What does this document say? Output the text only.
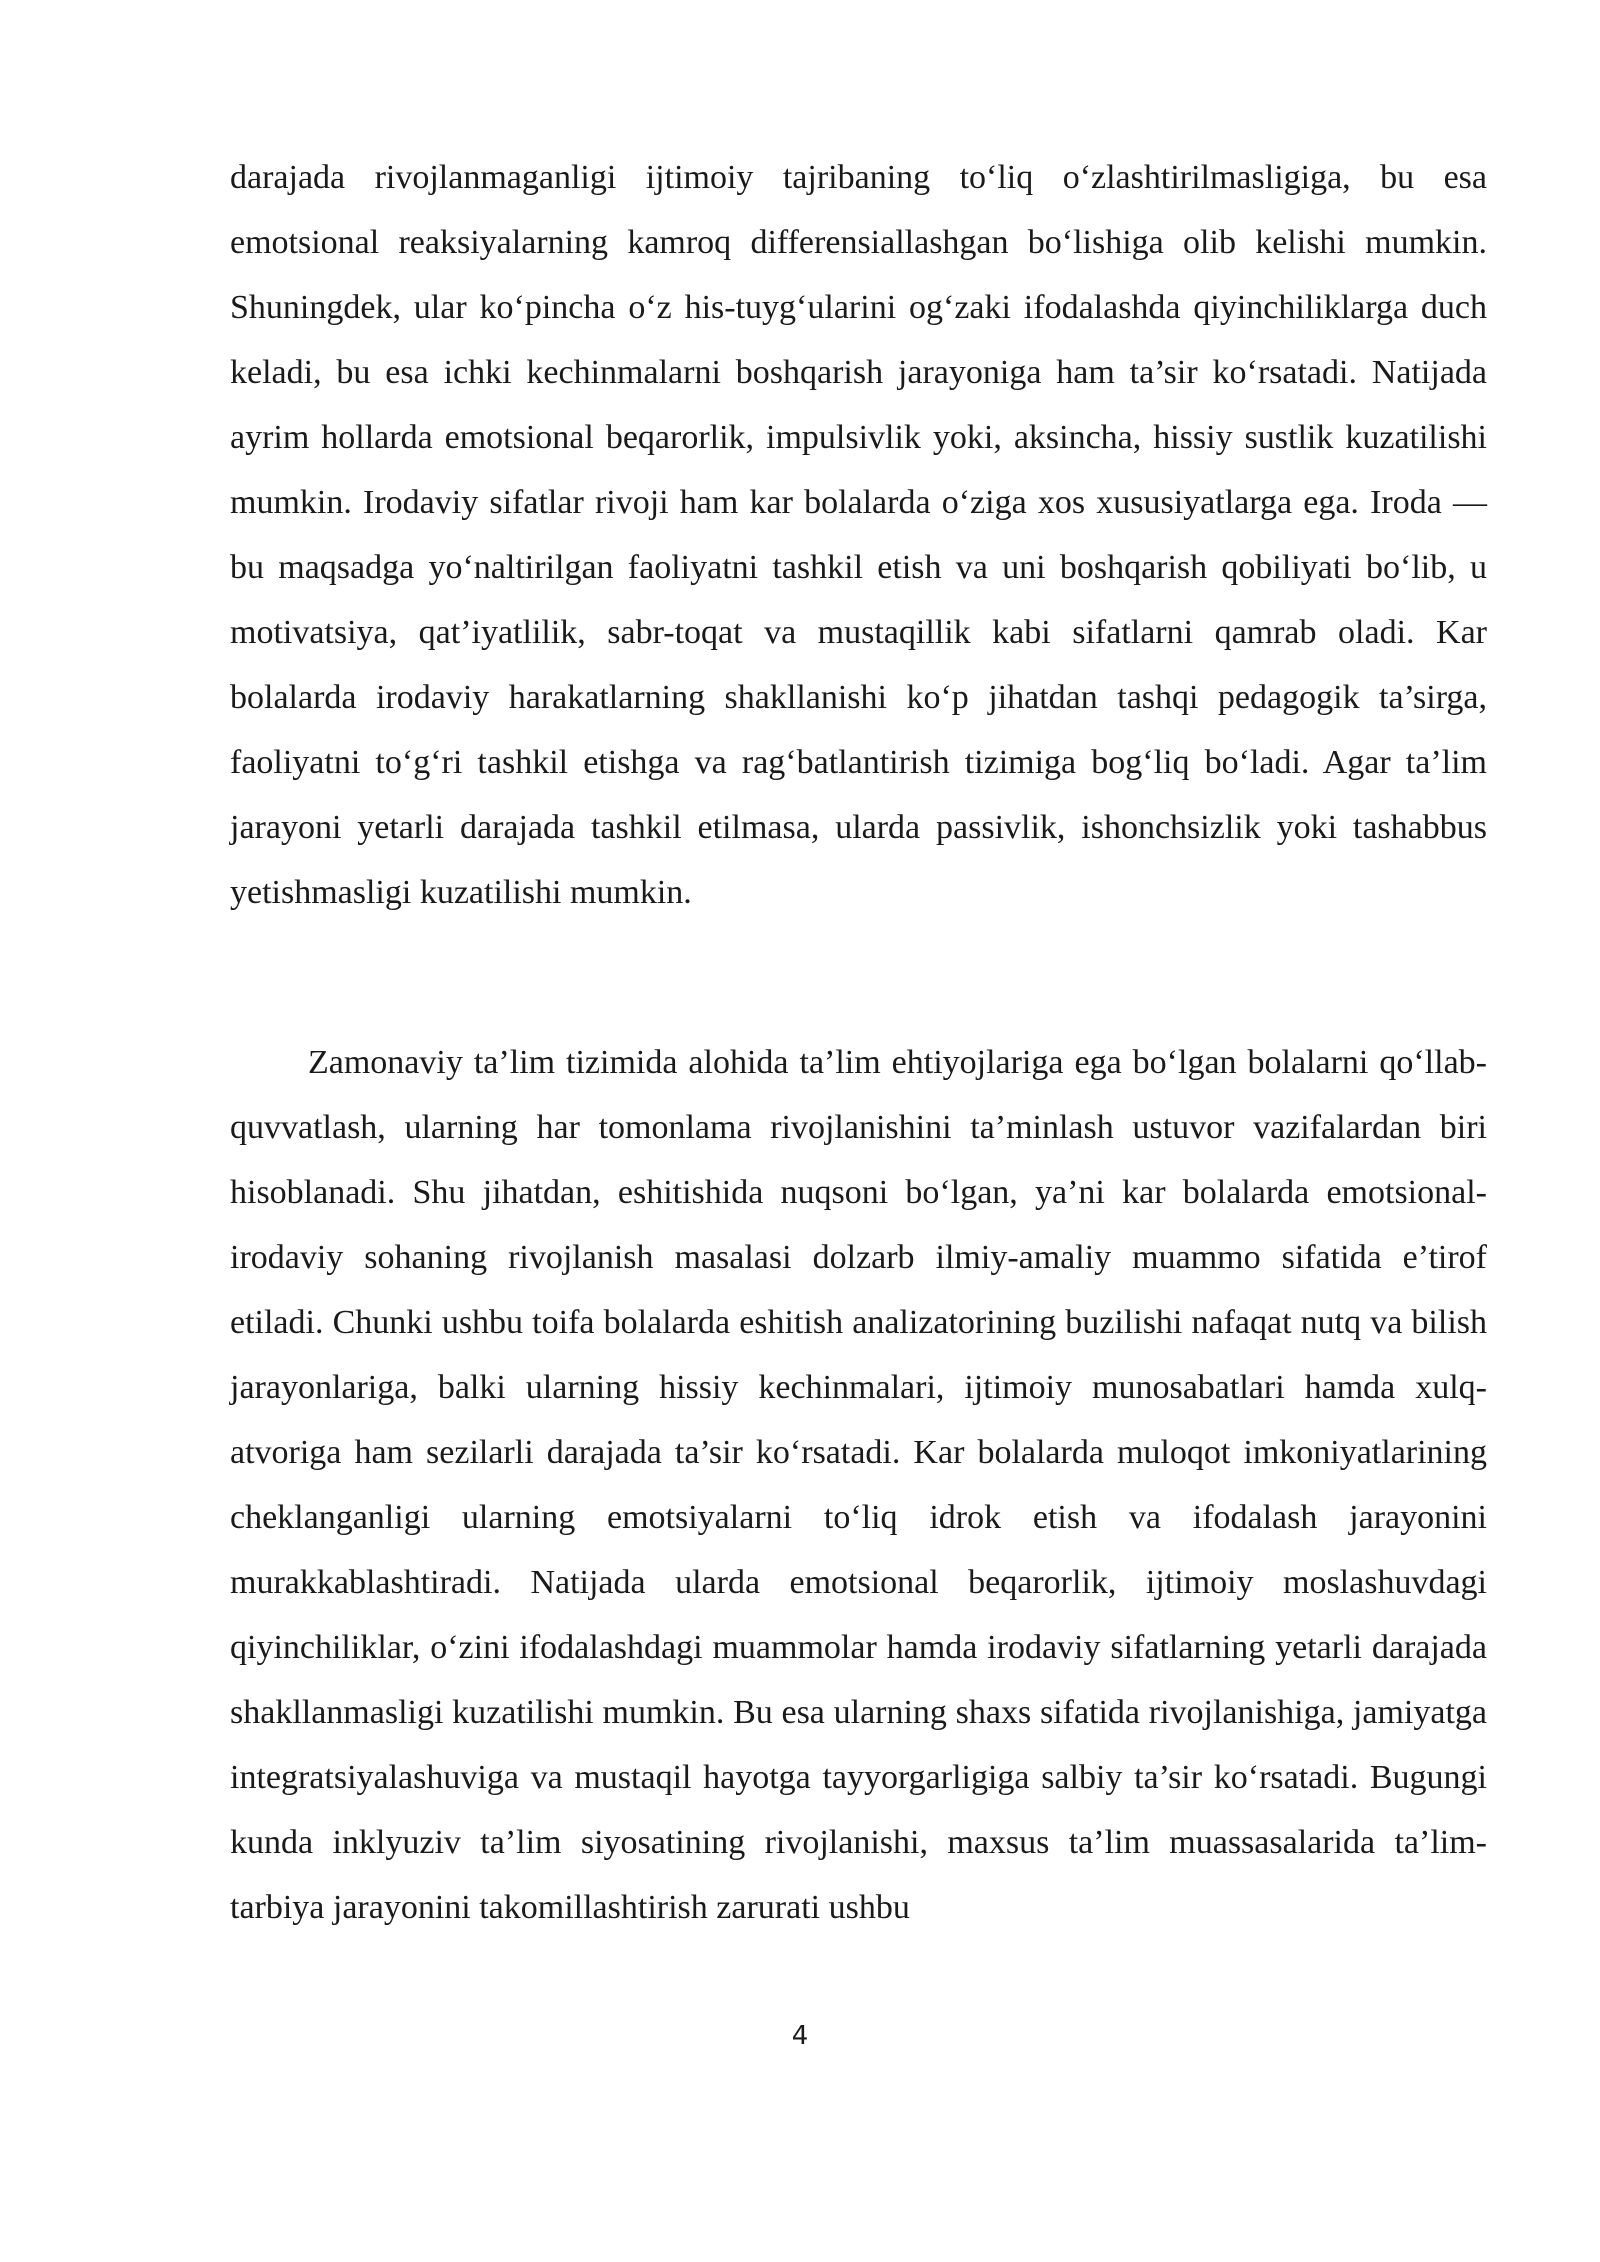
darajada rivojlanmaganligi ijtimoiy tajribaning to‘liq o‘zlashtirilmasligiga, bu esa emotsional reaksiyalarning kamroq differensiallashgan bo‘lishiga olib kelishi mumkin. Shuningdek, ular ko‘pincha o‘z his-tuyg‘ularini og‘zaki ifodalashda qiyinchiliklarga duch keladi, bu esa ichki kechinmalarni boshqarish jarayoniga ham ta’sir ko‘rsatadi. Natijada ayrim hollarda emotsional beqarorlik, impulsivlik yoki, aksincha, hissiy sustlik kuzatilishi mumkin. Irodaviy sifatlar rivoji ham kar bolalarda o‘ziga xos xususiyatlarga ega. Iroda — bu maqsadga yo‘naltirilgan faoliyatni tashkil etish va uni boshqarish qobiliyati bo‘lib, u motivatsiya, qat’iyatlilik, sabr-toqat va mustaqillik kabi sifatlarni qamrab oladi. Kar bolalarda irodaviy harakatlarning shakllanishi ko‘p jihatdan tashqi pedagogik ta’sirga, faoliyatni to‘g‘ri tashkil etishga va rag‘batlantirish tizimiga bog‘liq bo‘ladi. Agar ta’lim jarayoni yetarli darajada tashkil etilmasa, ularda passivlik, ishonchsizlik yoki tashabbus yetishmasligi kuzatilishi mumkin.

Zamonaviy ta’lim tizimida alohida ta’lim ehtiyojlariga ega bo‘lgan bolalarni qo‘llab-quvvatlash, ularning har tomonlama rivojlanishini ta’minlash ustuvor vazifalardan biri hisoblanadi. Shu jihatdan, eshitishida nuqsoni bo‘lgan, ya’ni kar bolalarda emotsional-irodaviy sohaning rivojlanish masalasi dolzarb ilmiy-amaliy muammo sifatida e’tirof etiladi. Chunki ushbu toifa bolalarda eshitish analizatorining buzilishi nafaqat nutq va bilish jarayonlariga, balki ularning hissiy kechinmalari, ijtimoiy munosabatlari hamda xulq-atvoriga ham sezilarli darajada ta’sir ko‘rsatadi. Kar bolalarda muloqot imkoniyatlarining cheklanganligi ularning emotsiyalarni to‘liq idrok etish va ifodalash jarayonini murakkablashtiradi. Natijada ularda emotsional beqarorlik, ijtimoiy moslashuvdagi qiyinchiliklar, o‘zini ifodalashdagi muammolar hamda irodaviy sifatlarning yetarli darajada shakllanmasligi kuzatilishi mumkin. Bu esa ularning shaxs sifatida rivojlanishiga, jamiyatga integratsiyalashuviga va mustaqil hayotga tayyorgarligiga salbiy ta’sir ko‘rsatadi. Bugungi kunda inklyuziv ta’lim siyosatining rivojlanishi, maxsus ta’lim muassasalarida ta’lim-tarbiya jarayonini takomillashtirish zarurati ushbu

4
